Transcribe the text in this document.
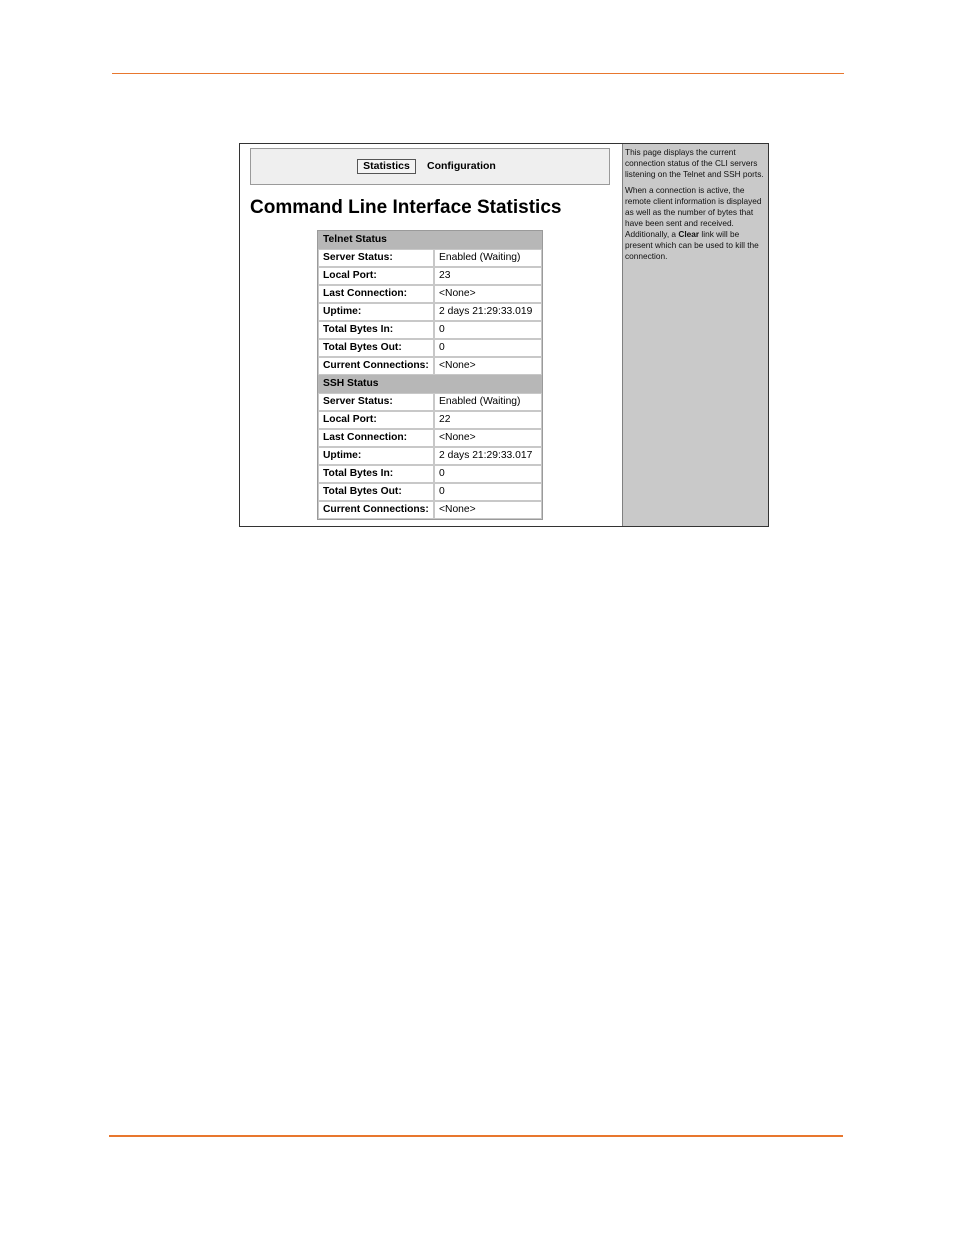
Statistics	Configuration
Command Line Interface Statistics
Telnet Status	
Server Status:	Enabled (Waiting)
Local Port:	23
Last Connection:	<None>
Uptime:	2 days 21:29:33.019
Total Bytes In:	0
Total Bytes Out:	0
Current Connections:	<None>
SSH Status	
Server Status:	Enabled (Waiting)
Local Port:	22
Last Connection:	<None>
Uptime:	2 days 21:29:33.017
Total Bytes In:	0
Total Bytes Out:	0
Current Connections:	<None>

This page displays the current connection status of the CLI servers listening on the Telnet and SSH ports.

When a connection is active, the remote client information is displayed as well as the number of bytes that have been sent and received. Additionally, a Clear link will be present which can be used to kill the connection.
